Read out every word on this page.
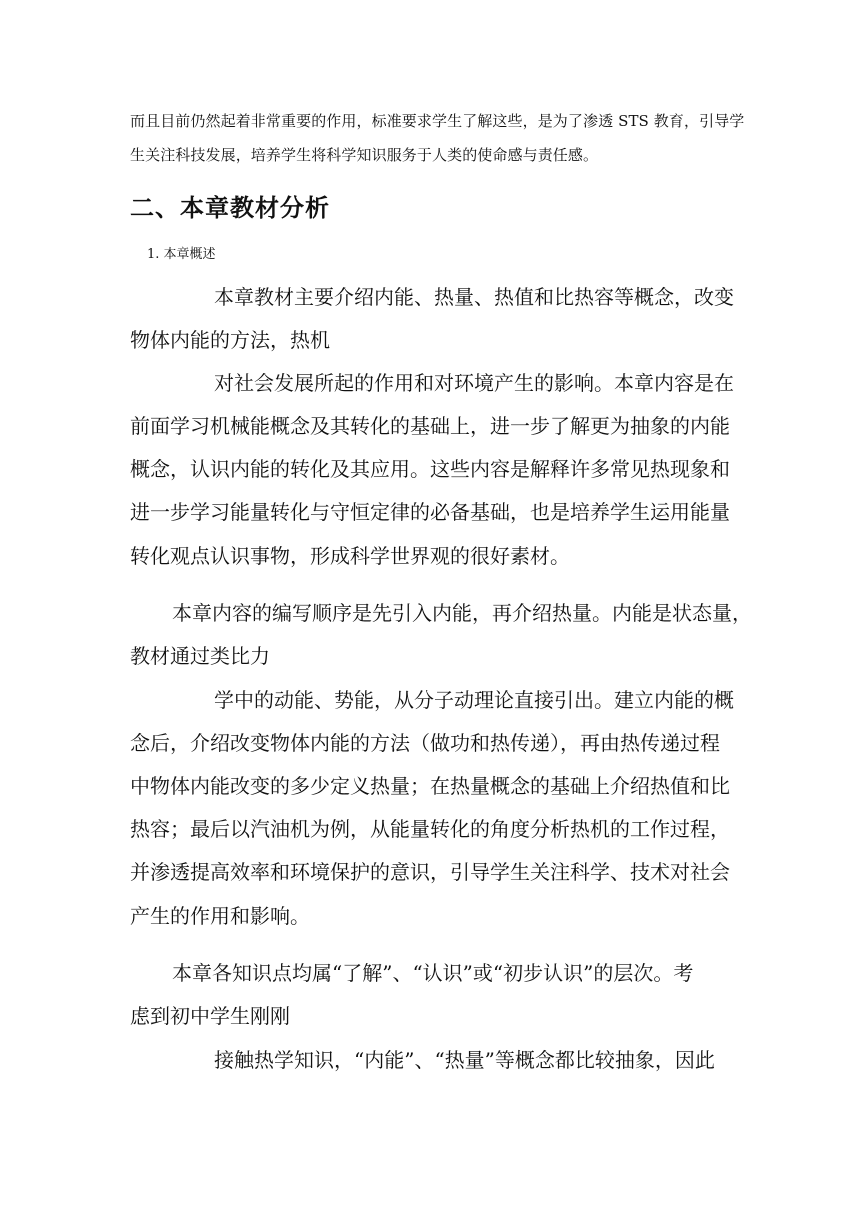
而且目前仍然起着非常重要的作用，标准要求学生了解这些，是为了渗透 STS 教育，引导学
生关注科技发展，培养学生将科学知识服务于人类的使命感与责任感。
二、本章教材分析
1. 本章概述
本章教材主要介绍内能、热量、热值和比热容等概念，改变
物体内能的方法，热机
对社会发展所起的作用和对环境产生的影响。本章内容是在
前面学习机械能概念及其转化的基础上，进一步了解更为抽象的内能
概念，认识内能的转化及其应用。这些内容是解释许多常见热现象和
进一步学习能量转化与守恒定律的必备基础，也是培养学生运用能量
转化观点认识事物，形成科学世界观的很好素材。
本章内容的编写顺序是先引入内能，再介绍热量。内能是状态量，
教材通过类比力
学中的动能、势能，从分子动理论直接引出。建立内能的概
念后，介绍改变物体内能的方法（做功和热传递），再由热传递过程
中物体内能改变的多少定义热量；在热量概念的基础上介绍热值和比
热容；最后以汽油机为例，从能量转化的角度分析热机的工作过程，
并渗透提高效率和环境保护的意识，引导学生关注科学、技术对社会
产生的作用和影响。
本章各知识点均属“了解”、“认识”或“初步认识”的层次。考
虑到初中学生刚刚
接触热学知识，“内能”、“热量”等概念都比较抽象，因此
